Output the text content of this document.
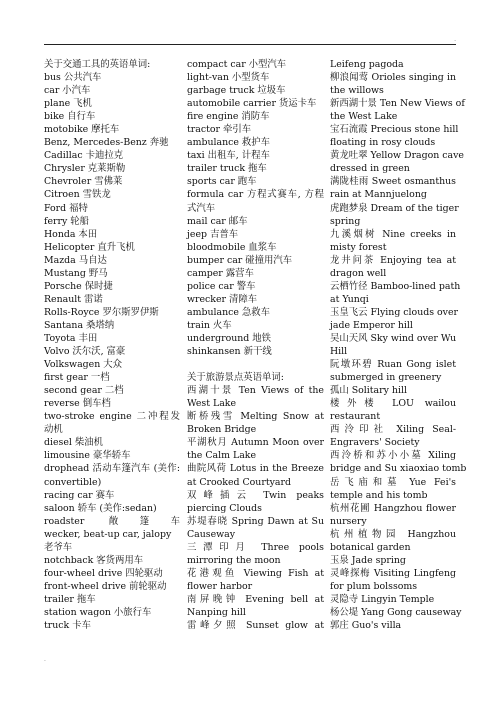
.
关于交通工具的英语单词:
bus 公共汽车
car 小汽车
plane 飞机
bike 自行车
motobike 摩托车
Benz, Mercedes-Benz 奔驰
Cadillac 卡迪拉克
Chrysler 克莱斯勒
Chevroler 雪佛莱
Citroen 雪铁龙
Ford 福特
ferry 轮船
Honda 本田
Helicopter 直升飞机
Mazda 马自达
Mustang 野马
Porsche 保时捷
Renault 雷诺
Rolls-Royce 罗尔斯罗伊斯
Santana 桑塔纳
Toyota 丰田
Volvo 沃尔沃, 富豪
Volkswagen 大众
first gear 一档
second gear 二档
reverse 倒车档
two-stroke engine 二冲程发
动机
diesel 柴油机
limousine 豪华轿车
drophead 活动车篷汽车 (美作:
convertible)
racing car 赛车
saloon 轿车 (美作:sedan)
roadster 敞篷车
wecker, beat-up car, jalopy
老爷车
notchback 客货两用车
four-wheel drive 四轮驱动
front-wheel drive 前轮驱动
trailer 拖车
station wagon 小旅行车
truck 卡车
compact car 小型汽车
light-van 小型货车
garbage truck 垃圾车
automobile carrier 货运卡车
fire engine 消防车
tractor 牵引车
ambulance 救护车
taxi 出租车, 计程车
trailer truck 拖车
sports car 跑车
formula car 方程式赛车, 方程
式汽车
mail car 邮车
jeep 吉普车
bloodmobile 血浆车
bumper car 碰撞用汽车
camper 露营车
police car 警车
wrecker 清障车
ambulance 急救车
train 火车
underground 地铁
shinkansen 新干线
关于旅游景点英语单词:
西湖十景 Ten Views of the
West Lake
断桥残雪 Melting Snow at
Broken Bridge
平湖秋月 Autumn Moon over
the Calm Lake
曲院风荷 Lotus in the Breeze
at Crooked Courtyard
双峰插云 Twin peaks
piercing Clouds
苏堤春晓 Spring Dawn at Su
Causeway
三潭印月 Three pools
mirroring the moon
花港观鱼 Viewing Fish at
flower harbor
南屏晚钟 Evening bell at
Nanping hill
雷峰夕照 Sunset glow at
Leifeng pagoda
柳浪闻莺 Orioles singing in
the willows
新西湖十景 Ten New Views of
the West Lake
宝石流霞 Precious stone hill
floating in rosy clouds
黄龙吐翠 Yellow Dragon cave
dressed in green
满陇桂雨 Sweet osmanthus
rain at Mannjuelong
虎跑梦泉 Dream of the tiger
spring
九溪烟树 Nine creeks in
misty forest
龙井问茶 Enjoying tea at
dragon well
云栖竹径 Bamboo-lined path
at Yunqi
玉皇飞云 Flying clouds over
jade Emperor hill
吴山天风 Sky wind over Wu
Hill
阮墩环碧 Ruan Gong islet
submerged in greenery
孤山 Solitary hill
楼外楼 LOU wailou
restaurant
西泠印社 Xiling Seal-
Engravers' Society
西泠桥和苏小小墓 Xiling
bridge and Su xiaoxiao tomb
岳飞庙和墓 Yue Fei's
temple and his tomb
杭州花圃 Hangzhou flower
nursery
杭州植物园 Hangzhou
botanical garden
玉泉 Jade spring
灵峰探梅 Visiting Lingfeng
for plum bolssoms
灵隐寺 Lingyin Temple
杨公堤 Yang Gong causeway
郭庄 Guo's villa
.
